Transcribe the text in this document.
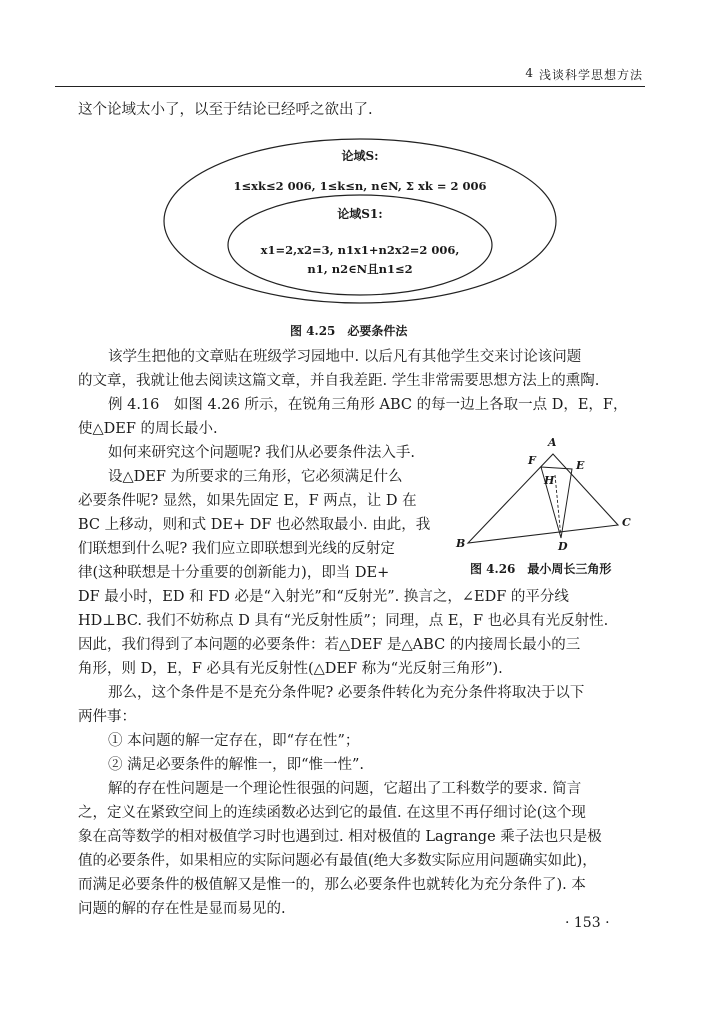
4 浅谈科学思想方法
这个论域太小了，以至于结论已经呼之欲出了.
论域S:
1≤xk≤2 006, 1≤k≤n, n∈N, Σ xk = 2 006
论域S1:
x1=2,x2=3, n1x1+n2x2=2 006,
n1, n2∈N且n1≤2
图 4.25　必要条件法
该学生把他的文章贴在班级学习园地中. 以后凡有其他学生交来讨论该问题
的文章，我就让他去阅读这篇文章，并自我差距. 学生非常需要思想方法上的熏陶.
例 4.16　如图 4.26 所示，在锐角三角形 ABC 的每一边上各取一点 D，E，F，
使△DEF 的周长最小.
如何来研究这个问题呢? 我们从必要条件法入手.
设△DEF 为所要求的三角形，它必须满足什么
必要条件呢? 显然，如果先固定 E，F 两点，让 D 在
BC 上移动，则和式 DE+ DF 也必然取最小. 由此，我
们联想到什么呢? 我们应立即联想到光线的反射定
律(这种联想是十分重要的创新能力)，即当 DE+
A
B
C
D
E
F
H
图 4.26　最小周长三角形
DF 最小时，ED 和 FD 必是“入射光”和“反射光”. 换言之，∠EDF 的平分线
HD⊥BC. 我们不妨称点 D 具有“光反射性质”；同理，点 E，F 也必具有光反射性.
因此，我们得到了本问题的必要条件：若△DEF 是△ABC 的内接周长最小的三
角形，则 D，E，F 必具有光反射性(△DEF 称为“光反射三角形”).
那么，这个条件是不是充分条件呢? 必要条件转化为充分条件将取决于以下
两件事：
① 本问题的解一定存在，即“存在性”；
② 满足必要条件的解惟一，即“惟一性”.
解的存在性问题是一个理论性很强的问题，它超出了工科数学的要求. 简言
之，定义在紧致空间上的连续函数必达到它的最值. 在这里不再仔细讨论(这个现
象在高等数学的相对极值学习时也遇到过. 相对极值的 Lagrange 乘子法也只是极
值的必要条件，如果相应的实际问题必有最值(绝大多数实际应用问题确实如此)，
而满足必要条件的极值解又是惟一的，那么必要条件也就转化为充分条件了). 本
问题的解的存在性是显而易见的.
· 153 ·
